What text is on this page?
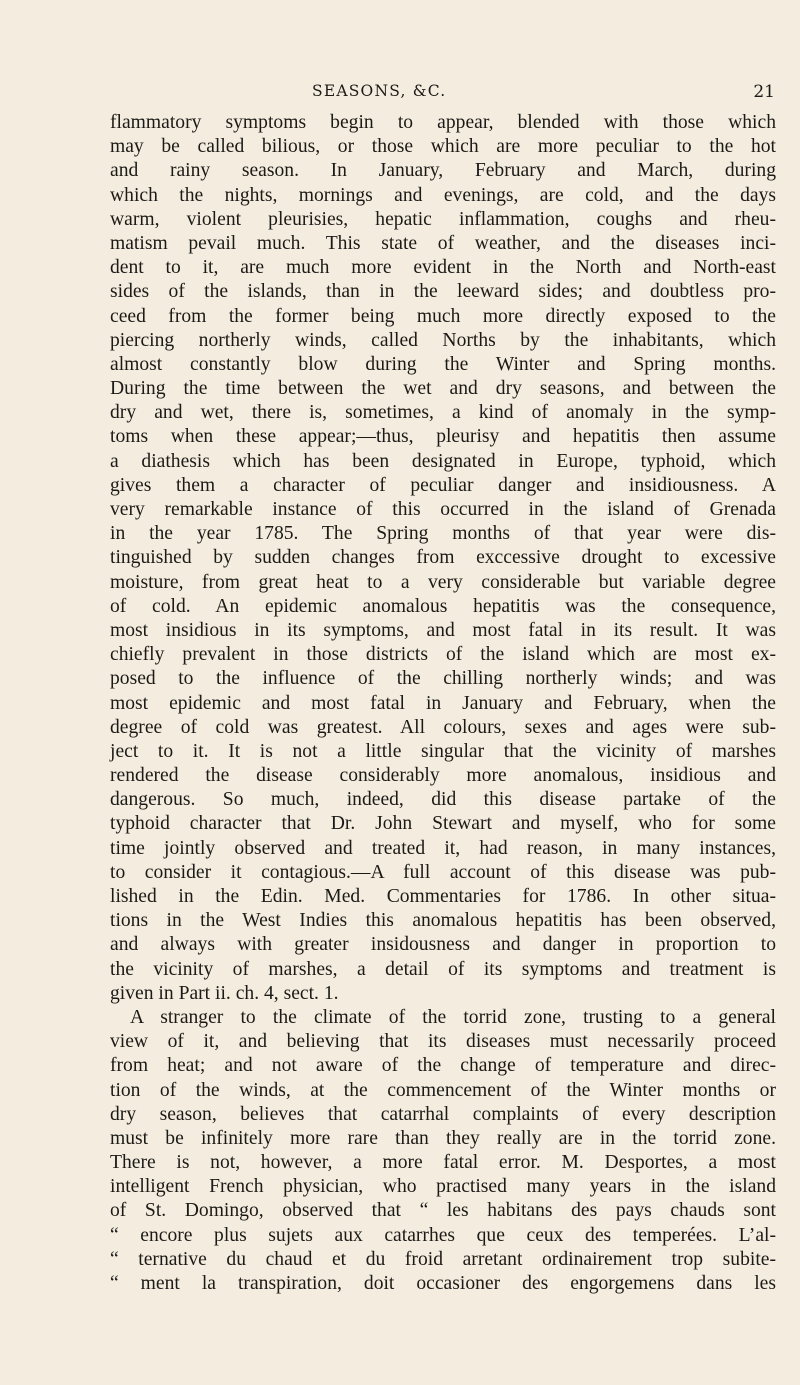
SEASONS, &C.	21
flammatory symptoms begin to appear, blended with those which
may be called bilious, or those which are more peculiar to the hot
and rainy season. In January, February and March, during
which the nights, mornings and evenings, are cold, and the days
warm, violent pleurisies, hepatic inflammation, coughs and rheu-
matism pevail much. This state of weather, and the diseases inci-
dent to it, are much more evident in the North and North-east
sides of the islands, than in the leeward sides; and doubtless pro-
ceed from the former being much more directly exposed to the
piercing northerly winds, called Norths by the inhabitants, which
almost constantly blow during the Winter and Spring months.
During the time between the wet and dry seasons, and between the
dry and wet, there is, sometimes, a kind of anomaly in the symp-
toms when these appear;—thus, pleurisy and hepatitis then assume
a diathesis which has been designated in Europe, typhoid, which
gives them a character of peculiar danger and insidiousness. A
very remarkable instance of this occurred in the island of Grenada
in the year 1785. The Spring months of that year were dis-
tinguished by sudden changes from exccessive drought to excessive
moisture, from great heat to a very considerable but variable degree
of cold. An epidemic anomalous hepatitis was the consequence,
most insidious in its symptoms, and most fatal in its result. It was
chiefly prevalent in those districts of the island which are most ex-
posed to the influence of the chilling northerly winds; and was
most epidemic and most fatal in January and February, when the
degree of cold was greatest. All colours, sexes and ages were sub-
ject to it. It is not a little singular that the vicinity of marshes
rendered the disease considerably more anomalous, insidious and
dangerous. So much, indeed, did this disease partake of the
typhoid character that Dr. John Stewart and myself, who for some
time jointly observed and treated it, had reason, in many instances,
to consider it contagious.—A full account of this disease was pub-
lished in the Edin. Med. Commentaries for 1786. In other situa-
tions in the West Indies this anomalous hepatitis has been observed,
and always with greater insidousness and danger in proportion to
the vicinity of marshes, a detail of its symptoms and treatment is
given in Part ii. ch. 4, sect. 1.
A stranger to the climate of the torrid zone, trusting to a general
view of it, and believing that its diseases must necessarily proceed
from heat; and not aware of the change of temperature and direc-
tion of the winds, at the commencement of the Winter months or
dry season, believes that catarrhal complaints of every description
must be infinitely more rare than they really are in the torrid zone.
There is not, however, a more fatal error. M. Desportes, a most
intelligent French physician, who practised many years in the island
of St. Domingo, observed that “ les habitans des pays chauds sont
“ encore plus sujets aux catarrhes que ceux des temperées. L’al-
“ ternative du chaud et du froid arretant ordinairement trop subite-
“ ment la transpiration, doit occasioner des engorgemens dans les
